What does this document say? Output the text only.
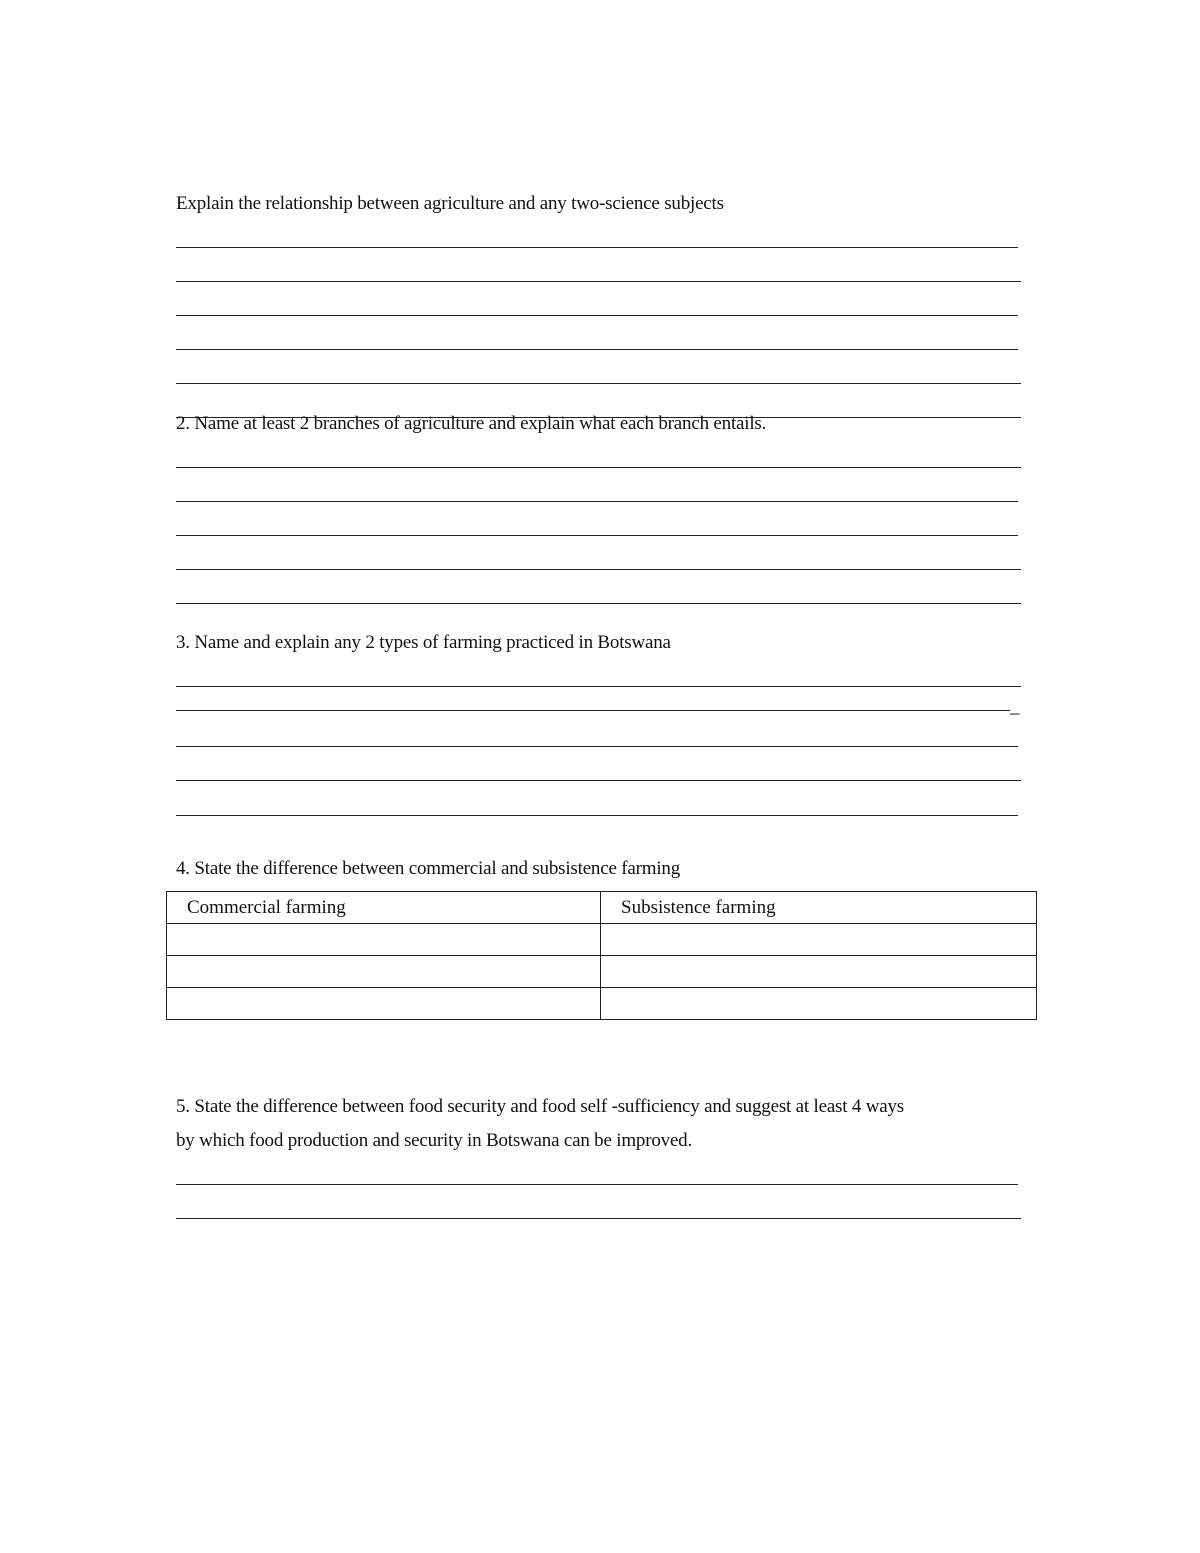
Explain the relationship between agriculture and any two-science subjects
2. Name at least 2 branches of agriculture and explain what each branch entails.
3. Name and explain any 2 types of farming practiced in Botswana
_
4. State the difference between commercial and subsistence farming
Commercial farming	Subsistence farming

5. State the difference between food security and food self -sufficiency and suggest at least 4 ways
by which food production and security in Botswana can be improved.
